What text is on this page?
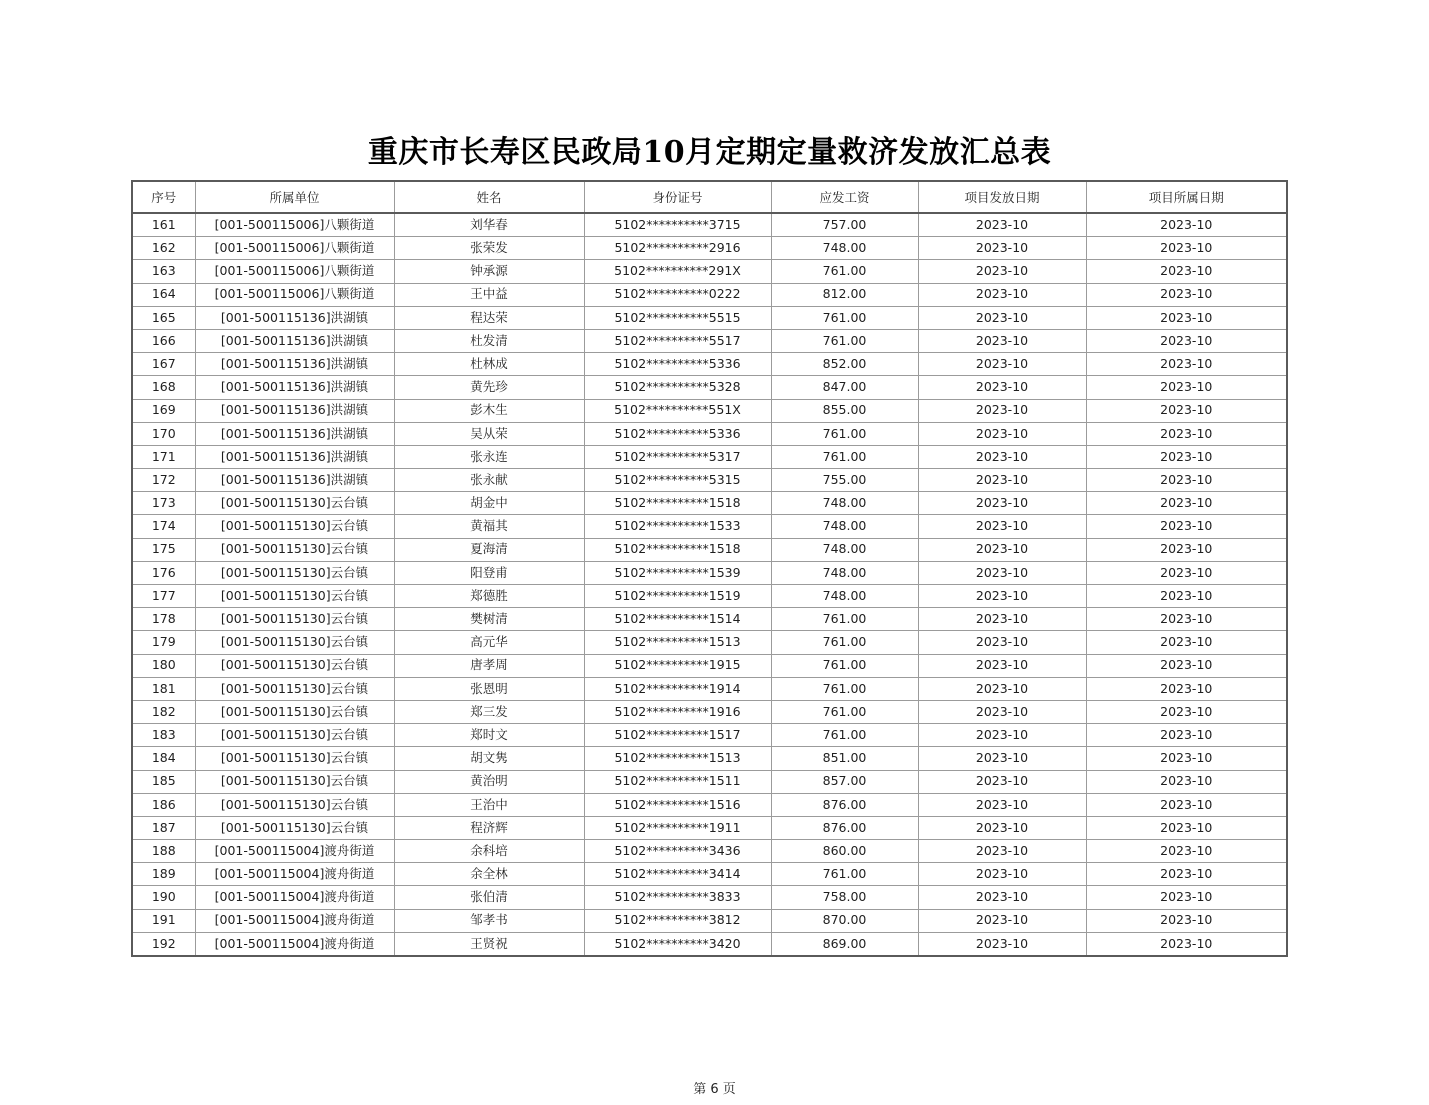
重庆市长寿区民政局10月定期定量救济发放汇总表
序号	所属单位	姓名	身份证号	应发工资	项目发放日期	项目所属日期
161	[001-500115006]八颗街道	刘华春	5102**********3715	757.00	2023-10	2023-10
162	[001-500115006]八颗街道	张荣发	5102**********2916	748.00	2023-10	2023-10
163	[001-500115006]八颗街道	钟承源	5102**********291X	761.00	2023-10	2023-10
164	[001-500115006]八颗街道	王中益	5102**********0222	812.00	2023-10	2023-10
165	[001-500115136]洪湖镇	程达荣	5102**********5515	761.00	2023-10	2023-10
166	[001-500115136]洪湖镇	杜发清	5102**********5517	761.00	2023-10	2023-10
167	[001-500115136]洪湖镇	杜林成	5102**********5336	852.00	2023-10	2023-10
168	[001-500115136]洪湖镇	黄先珍	5102**********5328	847.00	2023-10	2023-10
169	[001-500115136]洪湖镇	彭木生	5102**********551X	855.00	2023-10	2023-10
170	[001-500115136]洪湖镇	吴从荣	5102**********5336	761.00	2023-10	2023-10
171	[001-500115136]洪湖镇	张永连	5102**********5317	761.00	2023-10	2023-10
172	[001-500115136]洪湖镇	张永献	5102**********5315	755.00	2023-10	2023-10
173	[001-500115130]云台镇	胡金中	5102**********1518	748.00	2023-10	2023-10
174	[001-500115130]云台镇	黄福其	5102**********1533	748.00	2023-10	2023-10
175	[001-500115130]云台镇	夏海清	5102**********1518	748.00	2023-10	2023-10
176	[001-500115130]云台镇	阳登甫	5102**********1539	748.00	2023-10	2023-10
177	[001-500115130]云台镇	郑德胜	5102**********1519	748.00	2023-10	2023-10
178	[001-500115130]云台镇	樊树清	5102**********1514	761.00	2023-10	2023-10
179	[001-500115130]云台镇	高元华	5102**********1513	761.00	2023-10	2023-10
180	[001-500115130]云台镇	唐孝周	5102**********1915	761.00	2023-10	2023-10
181	[001-500115130]云台镇	张恩明	5102**********1914	761.00	2023-10	2023-10
182	[001-500115130]云台镇	郑三发	5102**********1916	761.00	2023-10	2023-10
183	[001-500115130]云台镇	郑时文	5102**********1517	761.00	2023-10	2023-10
184	[001-500115130]云台镇	胡文隽	5102**********1513	851.00	2023-10	2023-10
185	[001-500115130]云台镇	黄治明	5102**********1511	857.00	2023-10	2023-10
186	[001-500115130]云台镇	王治中	5102**********1516	876.00	2023-10	2023-10
187	[001-500115130]云台镇	程济辉	5102**********1911	876.00	2023-10	2023-10
188	[001-500115004]渡舟街道	余科培	5102**********3436	860.00	2023-10	2023-10
189	[001-500115004]渡舟街道	余全林	5102**********3414	761.00	2023-10	2023-10
190	[001-500115004]渡舟街道	张伯清	5102**********3833	758.00	2023-10	2023-10
191	[001-500115004]渡舟街道	邹孝书	5102**********3812	870.00	2023-10	2023-10
192	[001-500115004]渡舟街道	王贤祝	5102**********3420	869.00	2023-10	2023-10
第 6 页
